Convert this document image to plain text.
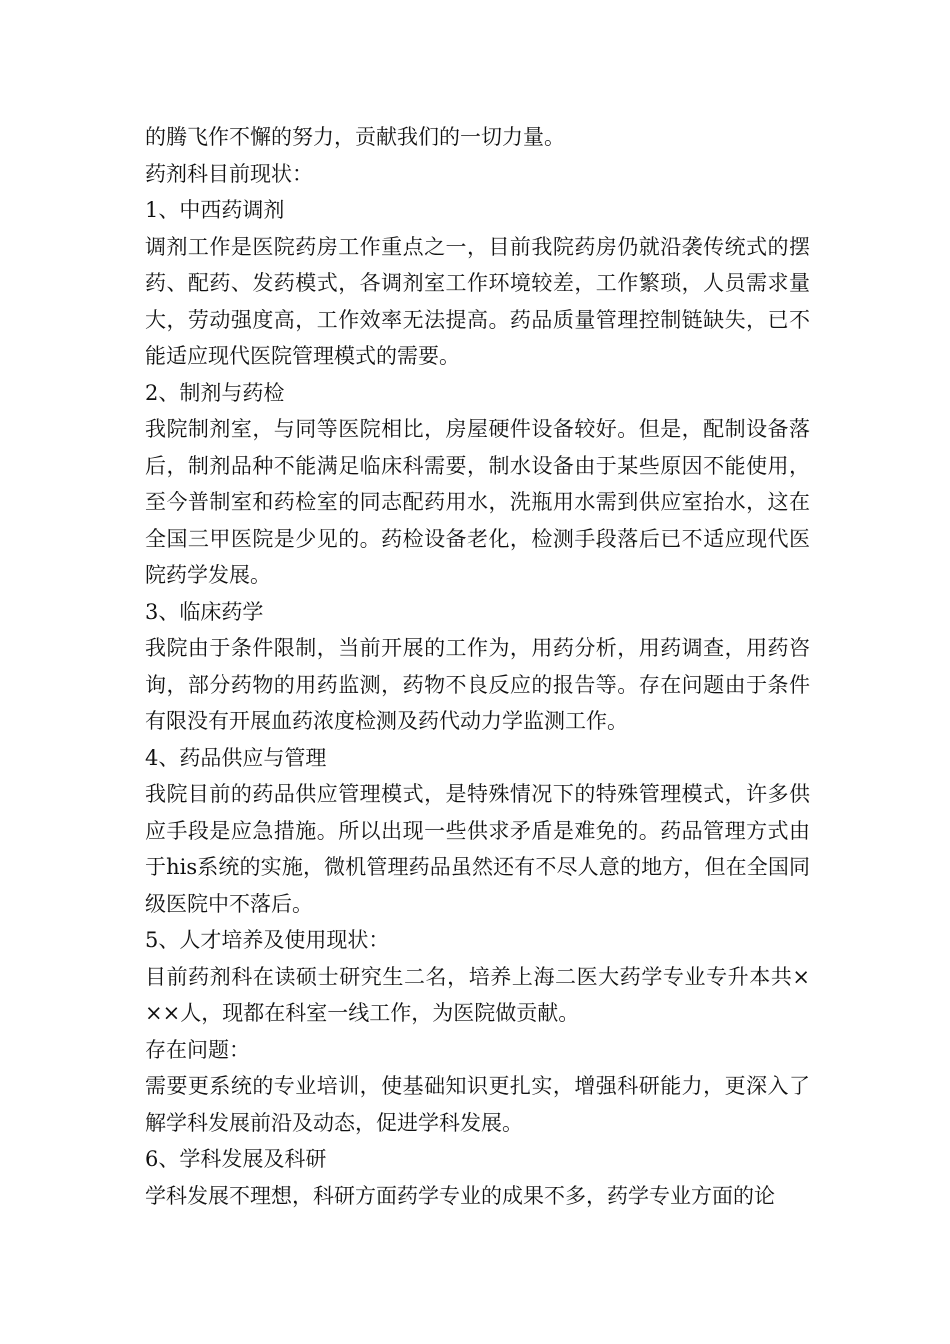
的腾飞作不懈的努力，贡献我们的一切力量。

药剂科目前现状：

1、中西药调剂

调剂工作是医院药房工作重点之一，目前我院药房仍就沿袭传统式的摆药、配药、发药模式，各调剂室工作环境较差，工作繁琐，人员需求量大，劳动强度高，工作效率无法提高。药品质量管理控制链缺失，已不能适应现代医院管理模式的需要。

2、制剂与药检

我院制剂室，与同等医院相比，房屋硬件设备较好。但是，配制设备落后，制剂品种不能满足临床科需要，制水设备由于某些原因不能使用，至今普制室和药检室的同志配药用水，洗瓶用水需到供应室抬水，这在全国三甲医院是少见的。药检设备老化，检测手段落后已不适应现代医院药学发展。

3、临床药学

我院由于条件限制，当前开展的工作为，用药分析，用药调查，用药咨询，部分药物的用药监测，药物不良反应的报告等。存在问题由于条件有限没有开展血药浓度检测及药代动力学监测工作。

4、药品供应与管理

我院目前的药品供应管理模式，是特殊情况下的特殊管理模式，许多供应手段是应急措施。所以出现一些供求矛盾是难免的。药品管理方式由于his系统的实施，微机管理药品虽然还有不尽人意的地方，但在全国同级医院中不落后。

5、人才培养及使用现状：

目前药剂科在读硕士研究生二名，培养上海二医大药学专业专升本共×××人，现都在科室一线工作，为医院做贡献。

存在问题：

需要更系统的专业培训，使基础知识更扎实，增强科研能力，更深入了解学科发展前沿及动态，促进学科发展。

6、学科发展及科研

学科发展不理想，科研方面药学专业的成果不多，药学专业方面的论
